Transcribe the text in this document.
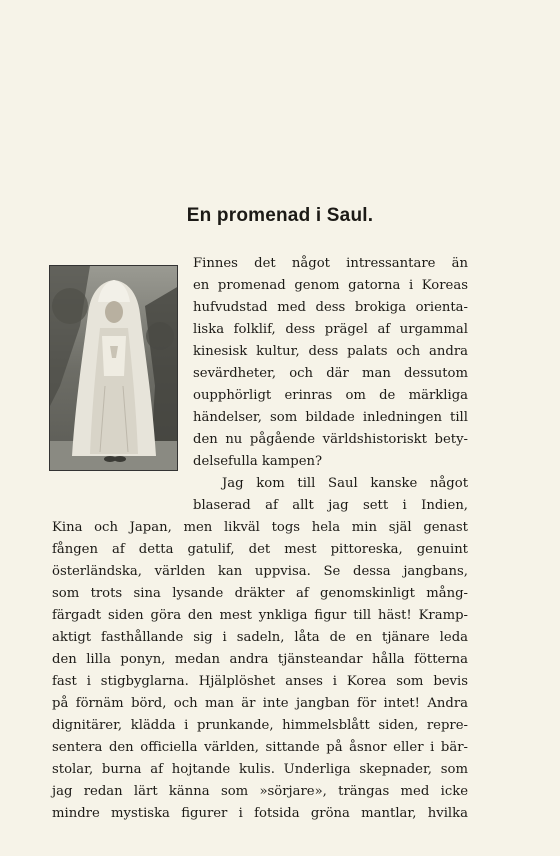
En promenad i Saul.
Finnes det något intressantare än
en promenad genom gatorna i Koreas
hufvudstad med dess brokiga orienta-
liska folklif, dess prägel af urgammal
kinesisk kultur, dess palats och andra
sevärdheter, och där man dessutom
oupphörligt erinras om de märkliga
händelser, som bildade inledningen till
den nu pågående världshistoriskt bety-
delsefulla kampen?
Jag kom till Saul kanske något
blaserad af allt jag sett i Indien,
Kina och Japan, men likväl togs hela min själ genast
fången af detta gatulif, det mest pittoreska, genuint
österländska, världen kan uppvisa. Se dessa jangbans,
som trots sina lysande dräkter af genomskinligt mång-
färgadt siden göra den mest ynkliga figur till häst! Kramp-
aktigt fasthållande sig i sadeln, låta de en tjänare leda
den lilla ponyn, medan andra tjänsteandar hålla fötterna
fast i stigbyglarna. Hjälplöshet anses i Korea som bevis
på förnäm börd, och man är inte jangban för intet! Andra
dignitärer, klädda i prunkande, himmelsblått siden, repre-
sentera den officiella världen, sittande på åsnor eller i bär-
stolar, burna af hojtande kulis. Underliga skepnader, som
jag redan lärt känna som »sörjare», trängas med icke
mindre mystiska figurer i fotsida gröna mantlar, hvilka
